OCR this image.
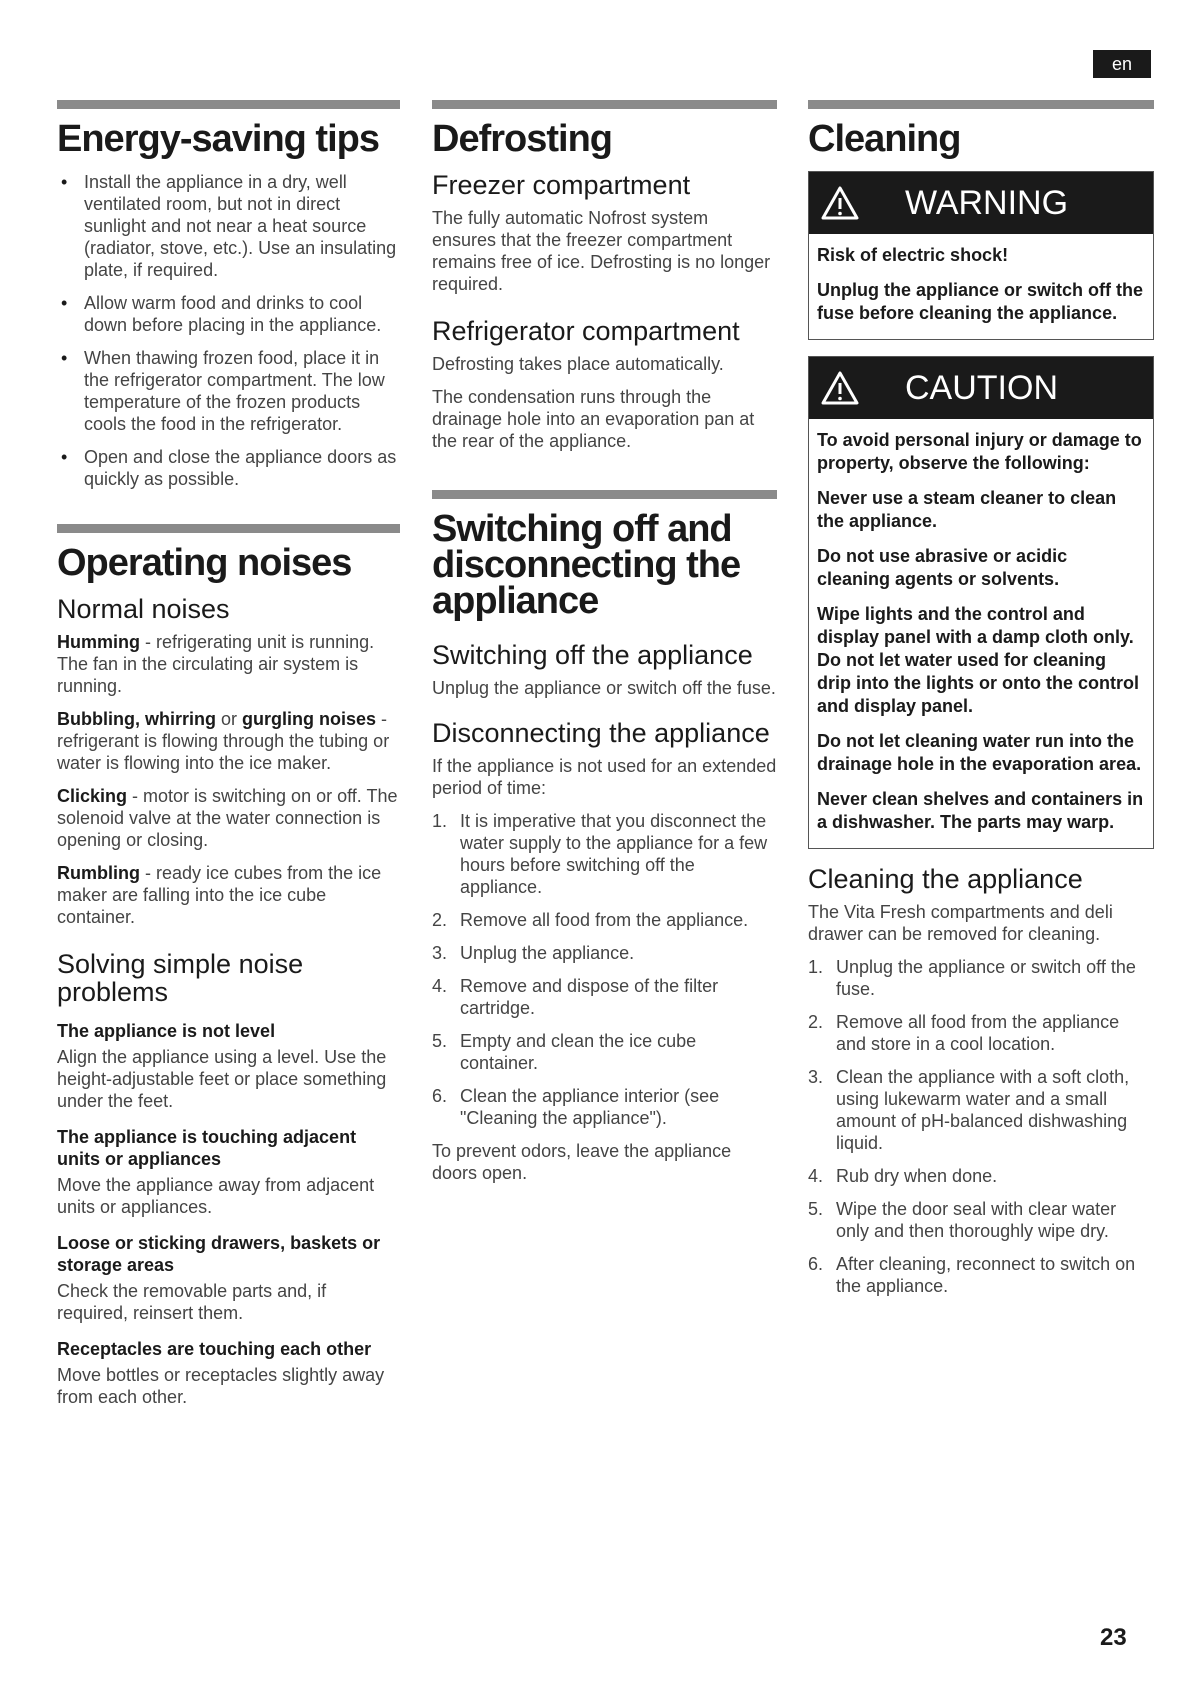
en
Energy-saving tips
• Install the appliance in a dry, well ventilated room, but not in direct sunlight and not near a heat source (radiator, stove, etc.). Use an insulating plate, if required.
• Allow warm food and drinks to cool down before placing in the appliance.
• When thawing frozen food, place it in the refrigerator compartment. The low temperature of the frozen products cools the food in the refrigerator.
• Open and close the appliance doors as quickly as possible.
Operating noises
Normal noises

Humming - refrigerating unit is running. The fan in the circulating air system is running.

Bubbling, whirring or gurgling noises - refrigerant is flowing through the tubing or water is flowing into the ice maker.

Clicking - motor is switching on or off. The solenoid valve at the water connection is opening or closing.

Rumbling - ready ice cubes from the ice maker are falling into the ice cube container.

Solving simple noise problems
The appliance is not level

Align the appliance using a level. Use the height-adjustable feet or place something under the feet.

The appliance is touching adjacent units or appliances

Move the appliance away from adjacent units or appliances.

Loose or sticking drawers, baskets or storage areas

Check the removable parts and, if required, reinsert them.

Receptacles are touching each other

Move bottles or receptacles slightly away from each other.

Defrosting
Freezer compartment

The fully automatic Nofrost system ensures that the freezer compartment remains free of ice. Defrosting is no longer required.

Refrigerator compartment

Defrosting takes place automatically.

The condensation runs through the drainage hole into an evaporation pan at the rear of the appliance.

Switching off and disconnecting the appliance
Switching off the appliance

Unplug the appliance or switch off the fuse.

Disconnecting the appliance

If the appliance is not used for an extended period of time:

1. It is imperative that you disconnect the water supply to the appliance for a few hours before switching off the appliance.
2. Remove all food from the appliance.
3. Unplug the appliance.
4. Remove and dispose of the filter cartridge.
5. Empty and clean the ice cube container.
6. Clean the appliance interior (see "Cleaning the appliance").

To prevent odors, leave the appliance doors open.

Cleaning
WARNING

Risk of electric shock!

Unplug the appliance or switch off the fuse before cleaning the appliance.

CAUTION

To avoid personal injury or damage to property, observe the following:

Never use a steam cleaner to clean the appliance.

Do not use abrasive or acidic cleaning agents or solvents.

Wipe lights and the control and display panel with a damp cloth only. Do not let water used for cleaning drip into the lights or onto the control and display panel.

Do not let cleaning water run into the drainage hole in the evaporation area.

Never clean shelves and containers in a dishwasher. The parts may warp.

Cleaning the appliance

The Vita Fresh compartments and deli drawer can be removed for cleaning.

1. Unplug the appliance or switch off the fuse.
2. Remove all food from the appliance and store in a cool location.
3. Clean the appliance with a soft cloth, using lukewarm water and a small amount of pH-balanced dishwashing liquid.
4. Rub dry when done.
5. Wipe the door seal with clear water only and then thoroughly wipe dry.
6. After cleaning, reconnect to switch on the appliance.
23
